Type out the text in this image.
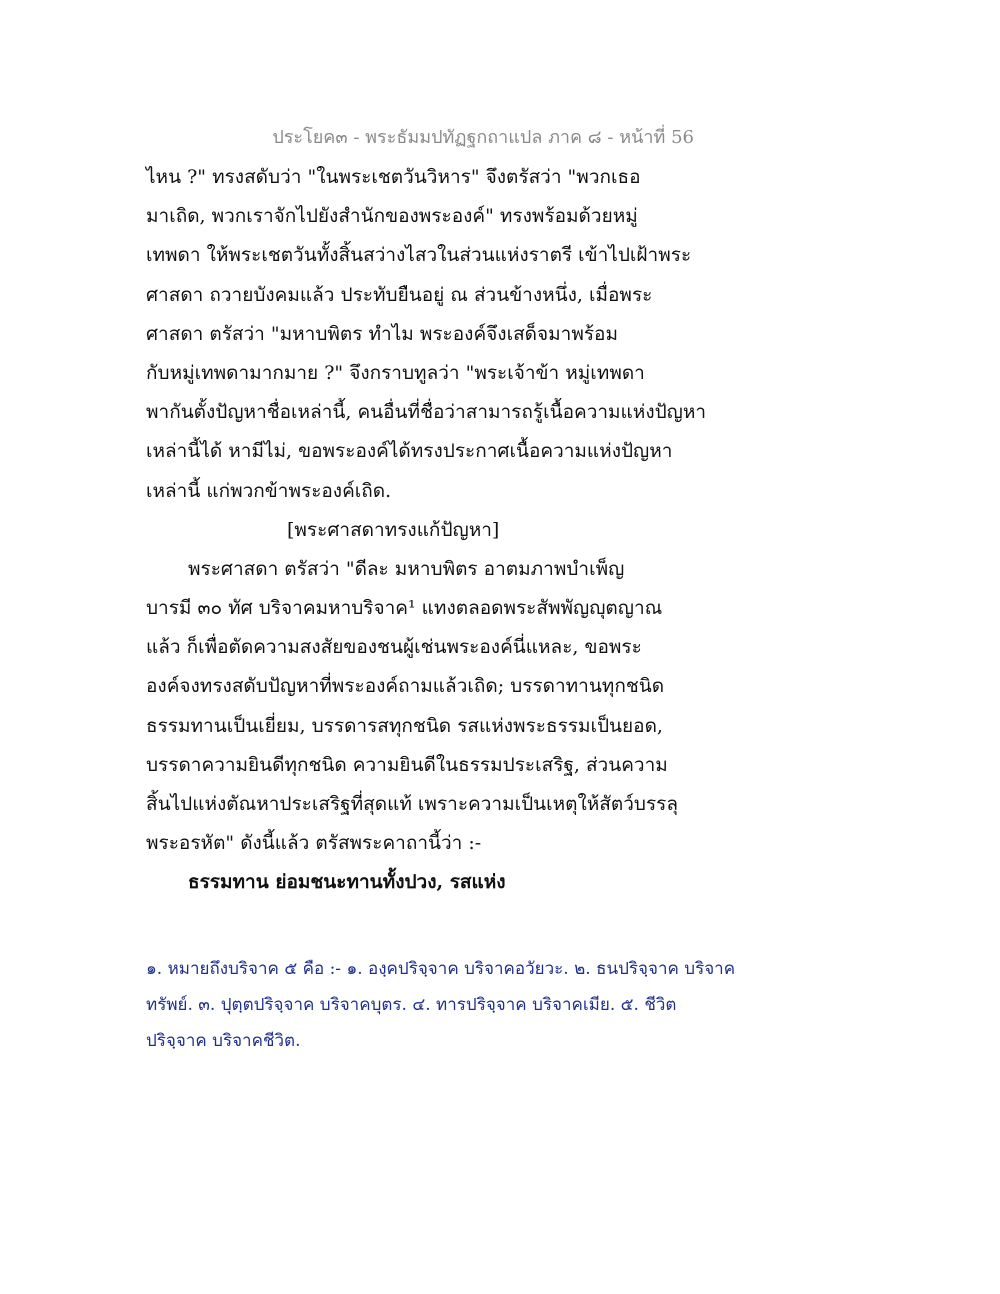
ประโยค๓ - พระธัมมปทัฏฐกถาแปล ภาค ๘ - หน้าที่ 56
ไหน ?" ทรงสดับว่า "ในพระเชตวันวิหาร" จึงตรัสว่า "พวกเธอ
มาเถิด, พวกเราจักไปยังสำนักของพระองค์" ทรงพร้อมด้วยหมู่
เทพดา ให้พระเชตวันทั้งสิ้นสว่างไสวในส่วนแห่งราตรี เข้าไปเฝ้าพระ
ศาสดา ถวายบังคมแล้ว ประทับยืนอยู่ ณ ส่วนข้างหนึ่ง, เมื่อพระ
ศาสดา ตรัสว่า "มหาบพิตร ทำไม พระองค์จึงเสด็จมาพร้อม
กับหมู่เทพดามากมาย ?" จึงกราบทูลว่า "พระเจ้าข้า หมู่เทพดา
พากันตั้งปัญหาชื่อเหล่านี้, คนอื่นที่ชื่อว่าสามารถรู้เนื้อความแห่งปัญหา
เหล่านี้ได้ หามีไม่, ขอพระองค์ได้ทรงประกาศเนื้อความแห่งปัญหา
เหล่านี้ แก่พวกข้าพระองค์เถิด.
[พระศาสดาทรงแก้ปัญหา]
พระศาสดา ตรัสว่า "ดีละ มหาบพิตร อาตมภาพบำเพ็ญ
บารมี ๓๐ ทัศ บริจาคมหาบริจาค¹ แทงตลอดพระสัพพัญญุตญาณ
แล้ว ก็เพื่อตัดความสงสัยของชนผู้เช่นพระองค์นี่แหละ, ขอพระ
องค์จงทรงสดับปัญหาที่พระองค์ถามแล้วเถิด; บรรดาทานทุกชนิด
ธรรมทานเป็นเยี่ยม, บรรดารสทุกชนิด รสแห่งพระธรรมเป็นยอด,
บรรดาความยินดีทุกชนิด ความยินดีในธรรมประเสริฐ, ส่วนความ
สิ้นไปแห่งตัณหาประเสริฐที่สุดแท้ เพราะความเป็นเหตุให้สัตว์บรรลุ
พระอรหัต" ดังนี้แล้ว ตรัสพระคาถานี้ว่า :-
ธรรมทาน ย่อมชนะทานทั้งปวง, รสแห่ง
๑. หมายถึงบริจาค ๕ คือ :- ๑. องฺคปริจฺจาค บริจาคอวัยวะ. ๒. ธนปริจฺจาค บริจาค
ทรัพย์. ๓. ปุตฺตปริจฺจาค บริจาคบุตร. ๔. ทารปริจฺจาค บริจาคเมีย. ๕. ชีวิต
ปริจฺจาค บริจาคชีวิต.
